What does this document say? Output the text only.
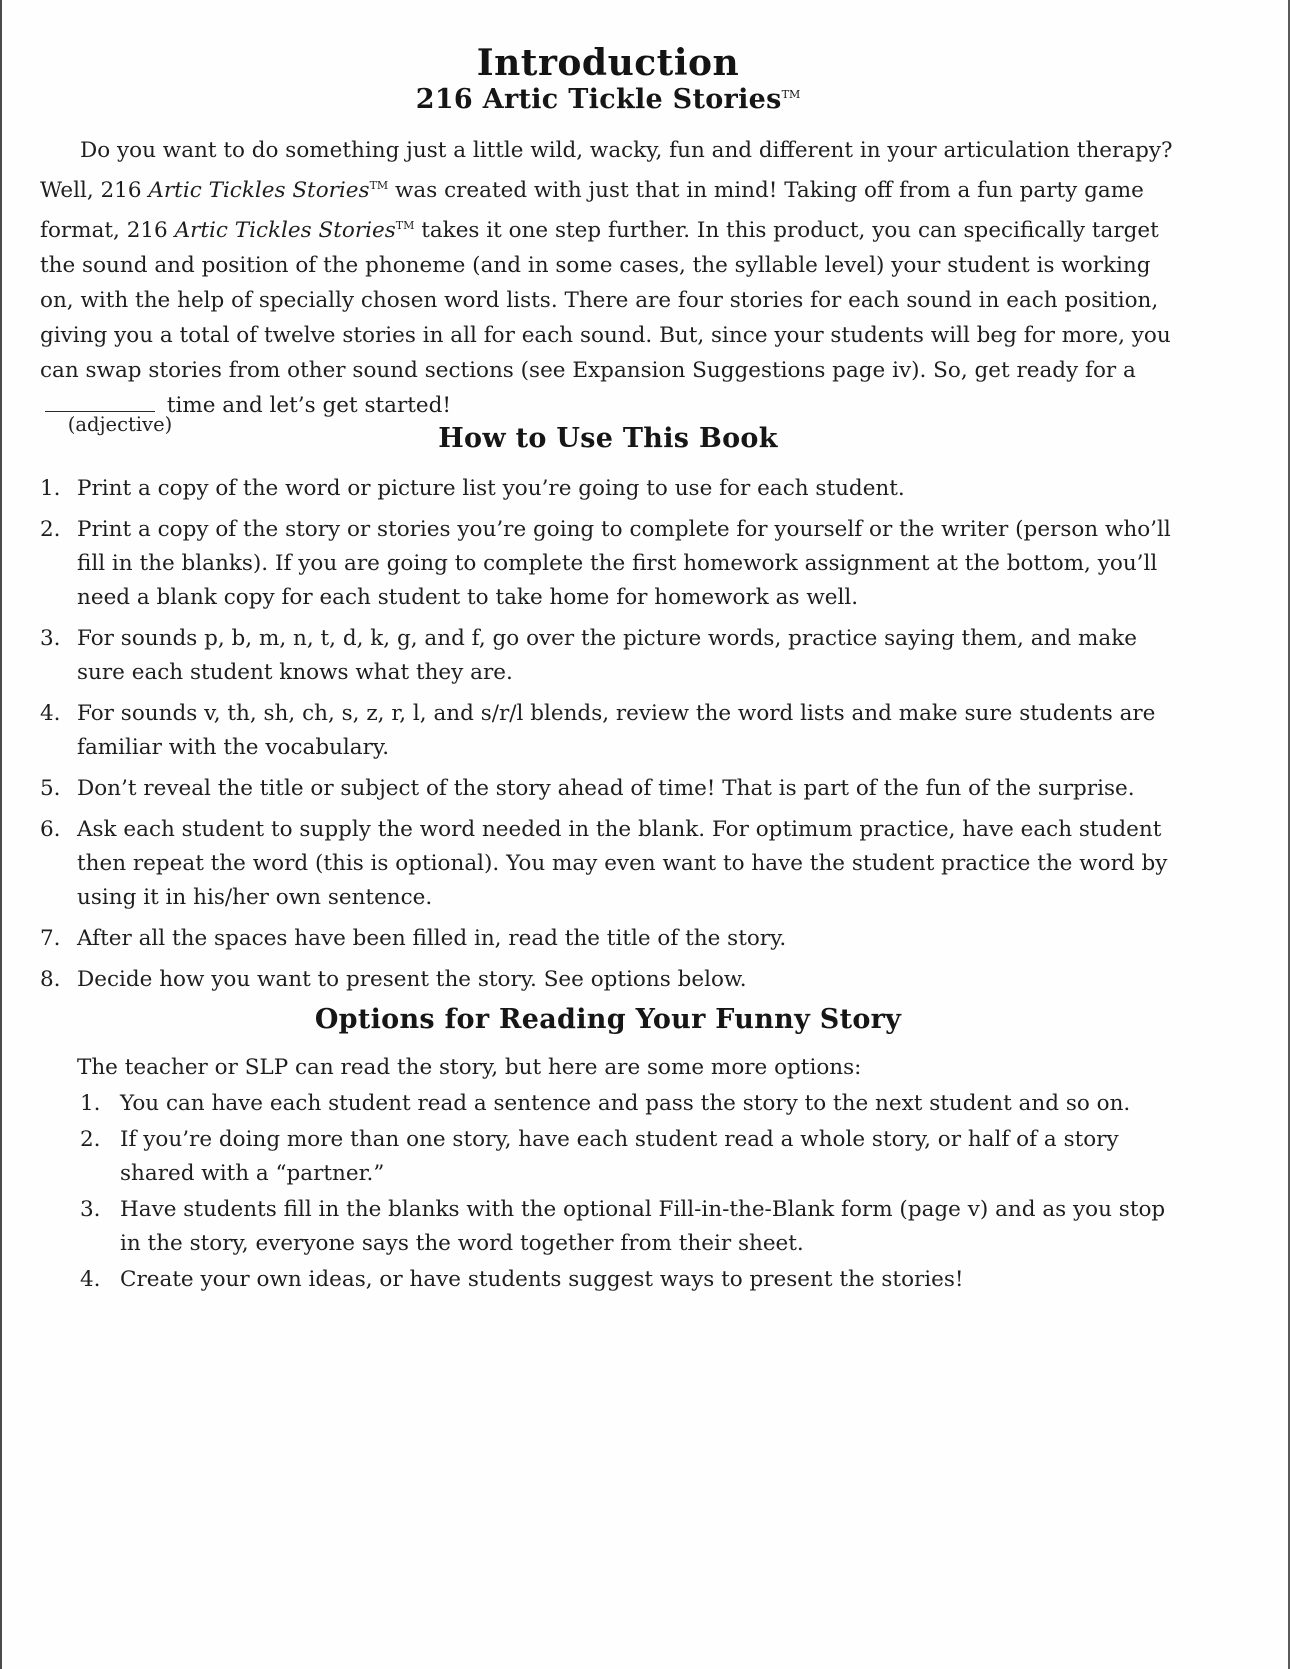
Introduction
216 Artic Tickle Stories™

Do you want to do something just a little wild, wacky, fun and different in your articulation therapy? Well, 216 Artic Tickles Stories™ was created with just that in mind! Taking off from a fun party game format, 216 Artic Tickles Stories™ takes it one step further. In this product, you can specifically target the sound and position of the phoneme (and in some cases, the syllable level) your student is working on, with the help of specially chosen word lists. There are four stories for each sound in each position, giving you a total of twelve stories in all for each sound. But, since your students will beg for more, you can swap stories from other sound sections (see Expansion Suggestions page iv). So, get ready for a
(adjective)
time and let’s get started!

How to Use This Book
1. Print a copy of the word or picture list you’re going to use for each student.
2. Print a copy of the story or stories you’re going to complete for yourself or the writer (person who’ll fill in the blanks). If you are going to complete the first homework assignment at the bottom, you’ll need a blank copy for each student to take home for homework as well.
3. For sounds p, b, m, n, t, d, k, g, and f, go over the picture words, practice saying them, and make sure each student knows what they are.
4. For sounds v, th, sh, ch, s, z, r, l, and s/r/l blends, review the word lists and make sure students are familiar with the vocabulary.
5. Don’t reveal the title or subject of the story ahead of time! That is part of the fun of the surprise.
6. Ask each student to supply the word needed in the blank. For optimum practice, have each student then repeat the word (this is optional). You may even want to have the student practice the word by using it in his/her own sentence.
7. After all the spaces have been filled in, read the title of the story.
8. Decide how you want to present the story. See options below.
Options for Reading Your Funny Story

The teacher or SLP can read the story, but here are some more options:

1. You can have each student read a sentence and pass the story to the next student and so on.
2. If you’re doing more than one story, have each student read a whole story, or half of a story shared with a “partner.”
3. Have students fill in the blanks with the optional Fill-in-the-Blank form (page v) and as you stop in the story, everyone says the word together from their sheet.
4. Create your own ideas, or have students suggest ways to present the stories!
